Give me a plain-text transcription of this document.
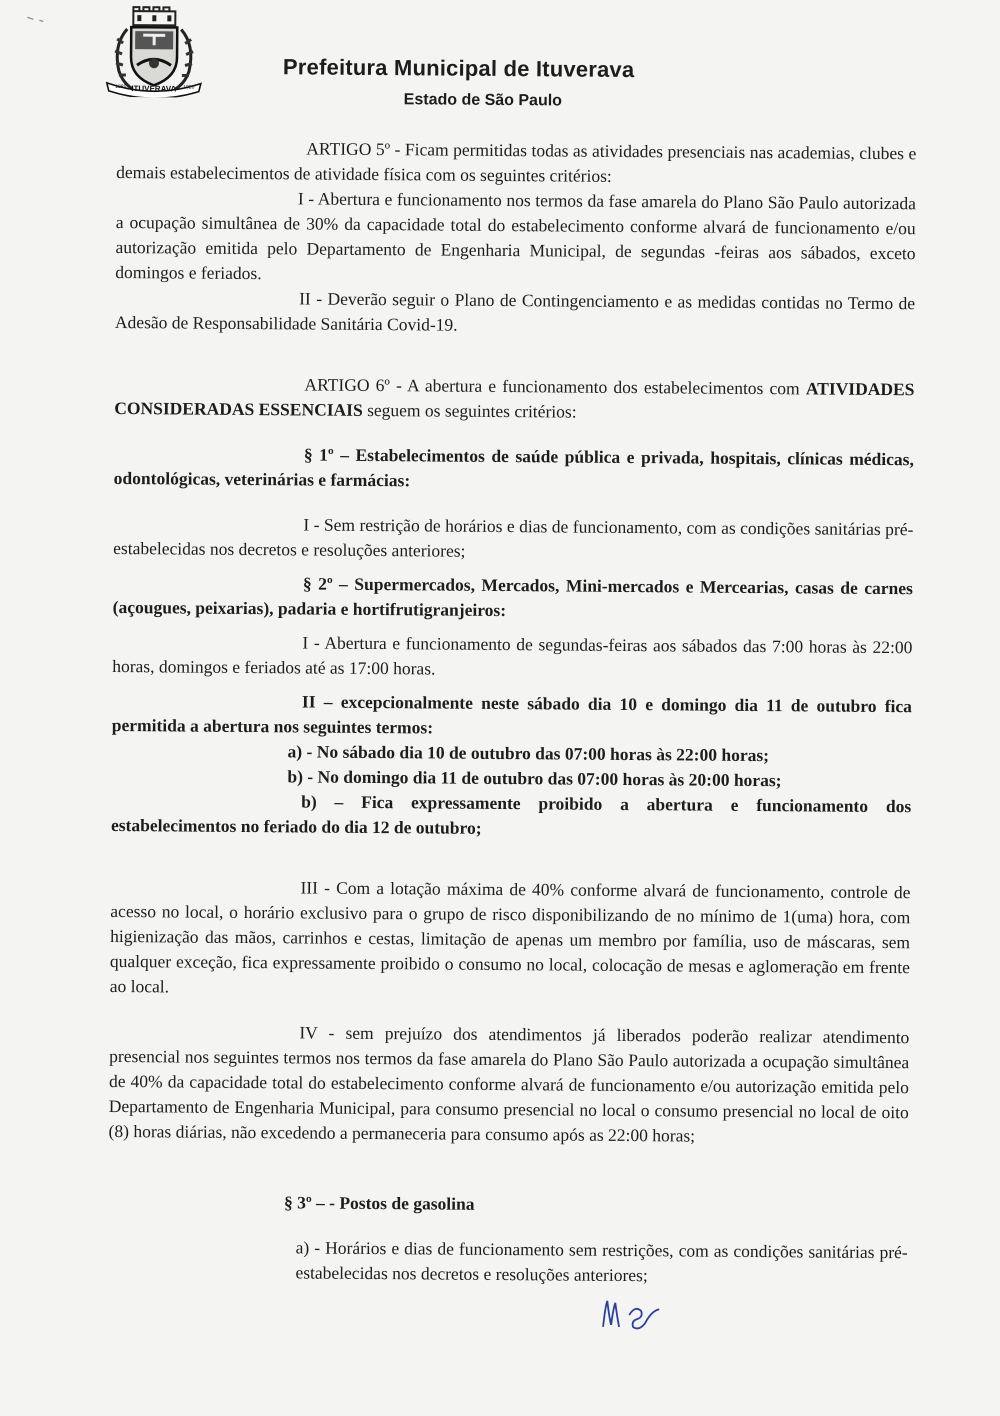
ITUVERAVA
1885	1920
Prefeitura Municipal de Ituverava
Estado de São Paulo

ARTIGO 5º - Ficam permitidas todas as atividades presenciais nas academias, clubes e demais estabelecimentos de atividade física com os seguintes critérios:

I - Abertura e funcionamento nos termos da fase amarela do Plano São Paulo autorizada a ocupação simultânea de 30% da capacidade total do estabelecimento conforme alvará de funcionamento e/ou autorização emitida pelo Departamento de Engenharia Municipal, de segundas -feiras aos sábados, exceto domingos e feriados.

II - Deverão seguir o Plano de Contingenciamento e as medidas contidas no Termo de Adesão de Responsabilidade Sanitária Covid-19.

ARTIGO 6º - A abertura e funcionamento dos estabelecimentos com ATIVIDADES CONSIDERADAS ESSENCIAIS seguem os seguintes critérios:

§ 1º – Estabelecimentos de saúde pública e privada, hospitais, clínicas médicas, odontológicas, veterinárias e farmácias:

I - Sem restrição de horários e dias de funcionamento, com as condições sanitárias pré-estabelecidas nos decretos e resoluções anteriores;

§ 2º – Supermercados, Mercados, Mini-mercados e Mercearias, casas de carnes (açougues, peixarias), padaria e hortifrutigranjeiros:

I - Abertura e funcionamento de segundas-feiras aos sábados das 7:00 horas às 22:00 horas, domingos e feriados até as 17:00 horas.

II – excepcionalmente neste sábado dia 10 e domingo dia 11 de outubro fica permitida a abertura nos seguintes termos:

a) - No sábado dia 10 de outubro das 07:00 horas às 22:00 horas;

b) - No domingo dia 11 de outubro das 07:00 horas às 20:00 horas;

b) – Fica expressamente proibido a abertura e funcionamento dos estabelecimentos no feriado do dia 12 de outubro;

III - Com a lotação máxima de 40% conforme alvará de funcionamento, controle de acesso no local, o horário exclusivo para o grupo de risco disponibilizando de no mínimo de 1(uma) hora, com higienização das mãos, carrinhos e cestas, limitação de apenas um membro por família, uso de máscaras, sem qualquer exceção, fica expressamente proibido o consumo no local, colocação de mesas e aglomeração em frente ao local.

IV - sem prejuízo dos atendimentos já liberados poderão realizar atendimento presencial nos seguintes termos nos termos da fase amarela do Plano São Paulo autorizada a ocupação simultânea de 40% da capacidade total do estabelecimento conforme alvará de funcionamento e/ou autorização emitida pelo Departamento de Engenharia Municipal, para consumo presencial no local o consumo presencial no local de oito (8) horas diárias, não excedendo a permaneceria para consumo após as 22:00 horas;

§ 3º – - Postos de gasolina

a) - Horários e dias de funcionamento sem restrições, com as condições sanitárias pré-estabelecidas nos decretos e resoluções anteriores;
